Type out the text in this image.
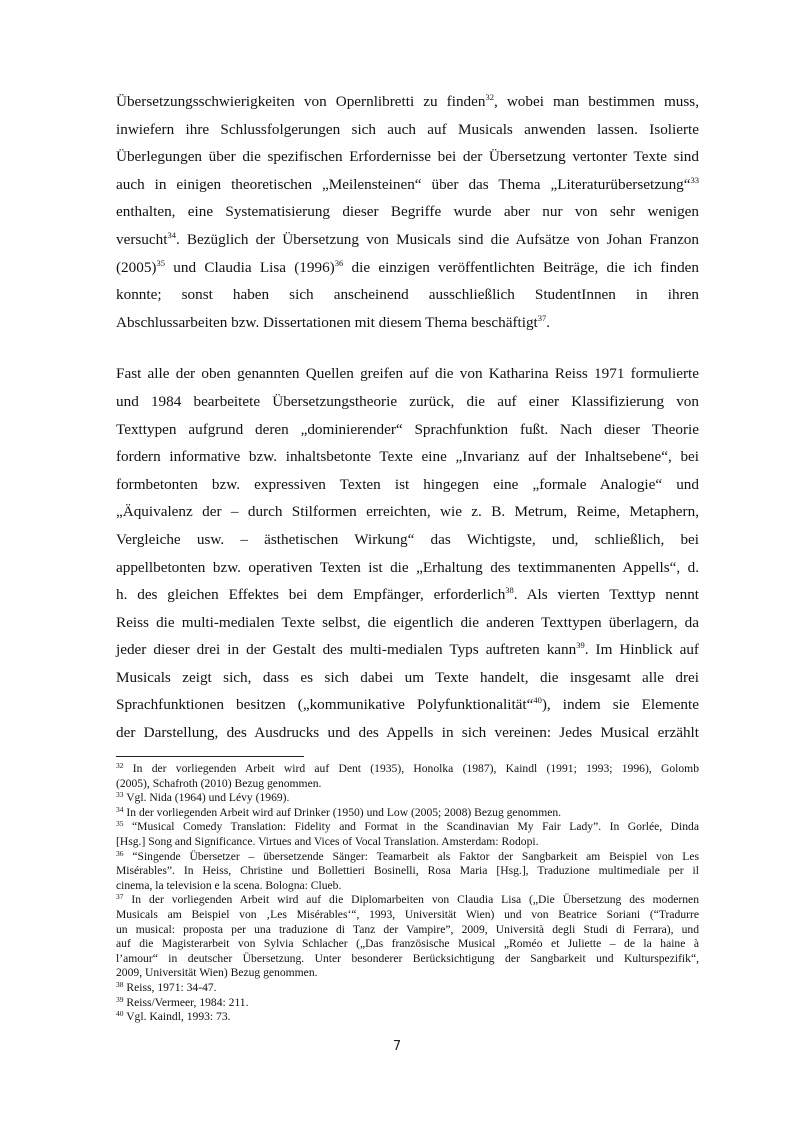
Übersetzungsschwierigkeiten von Opernlibretti zu finden$^{32}$, wobei man bestimmen muss,
inwiefern ihre Schlussfolgerungen sich auch auf Musicals anwenden lassen. Isolierte
Überlegungen über die spezifischen Erfordernisse bei der Übersetzung vertonter Texte sind
auch in einigen theoretischen „Meilensteinen“ über das Thema „Literaturübersetzung“$^{33}$
enthalten, eine Systematisierung dieser Begriffe wurde aber nur von sehr wenigen
versucht$^{34}$. Bezüglich der Übersetzung von Musicals sind die Aufsätze von Johan Franzon
$(2005)^{35}$ und Claudia Lisa $(1996)^{36}$ die einzigen veröffentlichten Beiträge, die ich finden
konnte; sonst haben sich anscheinend ausschließlich StudentInnen in ihren
Abschlussarbeiten bzw. Dissertationen mit diesem Thema beschäftigt$^{37}$.

Fast alle der oben genannten Quellen greifen auf die von Katharina Reiss 1971 formulierte
und 1984 bearbeitete Übersetzungstheorie zurück, die auf einer Klassifizierung von
Texttypen aufgrund deren „dominierender“ Sprachfunktion fußt. Nach dieser Theorie
fordern informative bzw. inhaltsbetonte Texte eine „Invarianz auf der Inhaltsebene“, bei
formbetonten bzw. expressiven Texten ist hingegen eine „formale Analogie“ und
„Äquivalenz der – durch Stilformen erreichten, wie z. B. Metrum, Reime, Metaphern,
Vergleiche usw. – ästhetischen Wirkung“ das Wichtigste, und, schließlich, bei
appellbetonten bzw. operativen Texten ist die „Erhaltung des textimmanenten Appells“, d.
h. des gleichen Effektes bei dem Empfänger, erforderlich$^{38}$. Als vierten Texttyp nennt
Reiss die multi-medialen Texte selbst, die eigentlich die anderen Texttypen überlagern, da
jeder dieser drei in der Gestalt des multi-medialen Typs auftreten kann$^{39}$. Im Hinblick auf
Musicals zeigt sich, dass es sich dabei um Texte handelt, die insgesamt alle drei
Sprachfunktionen besitzen („kommunikative Polyfunktionalität“$^{40}$), indem sie Elemente
der Darstellung, des Ausdrucks und des Appells in sich vereinen: Jedes Musical erzählt

$^{32}$ In der vorliegenden Arbeit wird auf Dent (1935), Honolka (1987), Kaindl (1991; 1993; 1996), Golomb
(2005), Schafroth (2010) Bezug genommen.

$^{33}$ Vgl. Nida (1964) und Lévy (1969).

$^{34}$ In der vorliegenden Arbeit wird auf Drinker (1950) und Low (2005; 2008) Bezug genommen.

$^{35}$ “Musical Comedy Translation: Fidelity and Format in the Scandinavian My Fair Lady”. In Gorlée, Dinda
[Hsg.] Song and Significance. Virtues and Vices of Vocal Translation. Amsterdam: Rodopi.

$^{36}$ “Singende Übersetzer – übersetzende Sänger: Teamarbeit als Faktor der Sangbarkeit am Beispiel von Les
Misérables”. In Heiss, Christine und Bollettieri Bosinelli, Rosa Maria [Hsg.], Traduzione multimediale per il
cinema, la television e la scena. Bologna: Clueb.

$^{37}$ In der vorliegenden Arbeit wird auf die Diplomarbeiten von Claudia Lisa („Die Übersetzung des modernen
Musicals am Beispiel von ‚Les Misérables‘“, 1993, Universität Wien) und von Beatrice Soriani (“Tradurre
un musical: proposta per una traduzione di Tanz der Vampire”, 2009, Università degli Studi di Ferrara), und
auf die Magisterarbeit von Sylvia Schlacher („Das französische Musical „Roméo et Juliette – de la haine à
l’amour“ in deutscher Übersetzung. Unter besonderer Berücksichtigung der Sangbarkeit und Kulturspezifik“,
2009, Universität Wien) Bezug genommen.

$^{38}$ Reiss, 1971: 34-47.

$^{39}$ Reiss/Vermeer, 1984: 211.

$^{40}$ Vgl. Kaindl, 1993: 73.

7
